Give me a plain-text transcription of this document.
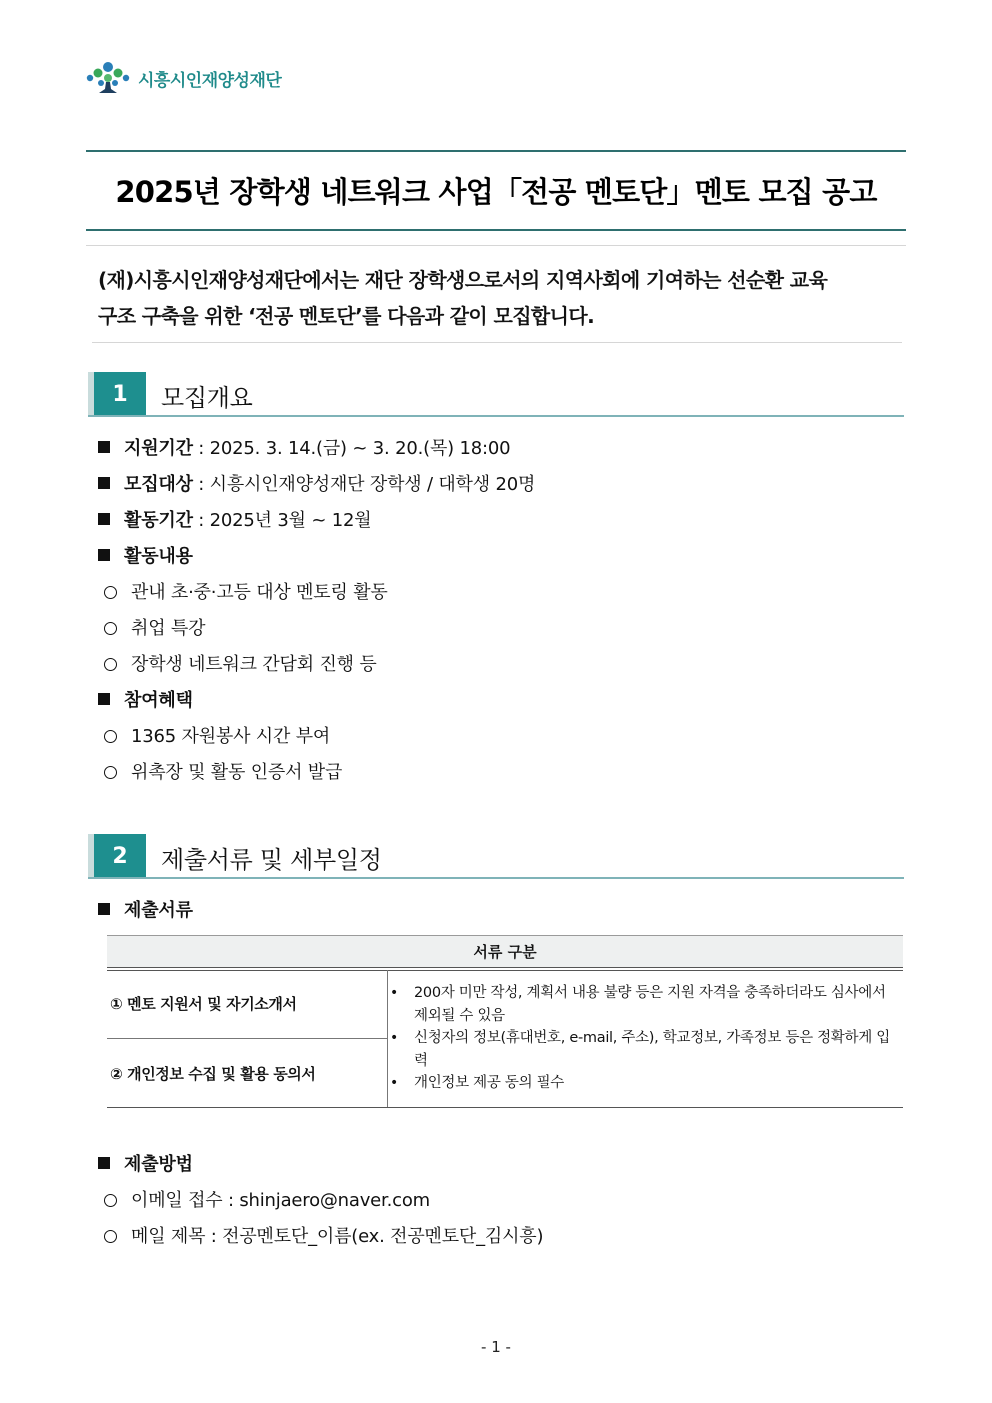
시흥시인재양성재단
2025년 장학생 네트워크 사업「전공 멘토단」멘토 모집 공고
(재)시흥시인재양성재단에서는 재단 장학생으로서의 지역사회에 기여하는 선순환 교육
구조 구축을 위한 ‘전공 멘토단’를 다음과 같이 모집합니다.
1	모집개요
지원기간 : 2025. 3. 14.(금) ~ 3. 20.(목) 18:00
모집대상 : 시흥시인재양성재단 장학생 / 대학생 20명
활동기간 : 2025년 3월 ~ 12월
활동내용
관내 초·중·고등 대상 멘토링 활동
취업 특강
장학생 네트워크 간담회 진행 등
참여혜택
1365 자원봉사 시간 부여
위촉장 및 활동 인증서 발급
2	제출서류 및 세부일정
제출서류
서류 구분
① 멘토 지원서 및 자기소개서
② 개인정보 수집 및 활용 동의서
• 200자 미만 작성, 계획서 내용 불량 등은 지원 자격을 충족하더라도 심사에서 제외될 수 있음
• 신청자의 정보(휴대번호, e-mail, 주소), 학교정보, 가족정보 등은 정확하게 입력
• 개인정보 제공 동의 필수
제출방법
이메일 접수 : shinjaero@naver.com
메일 제목 : 전공멘토단_이름(ex. 전공멘토단_김시흥)
- 1 -
